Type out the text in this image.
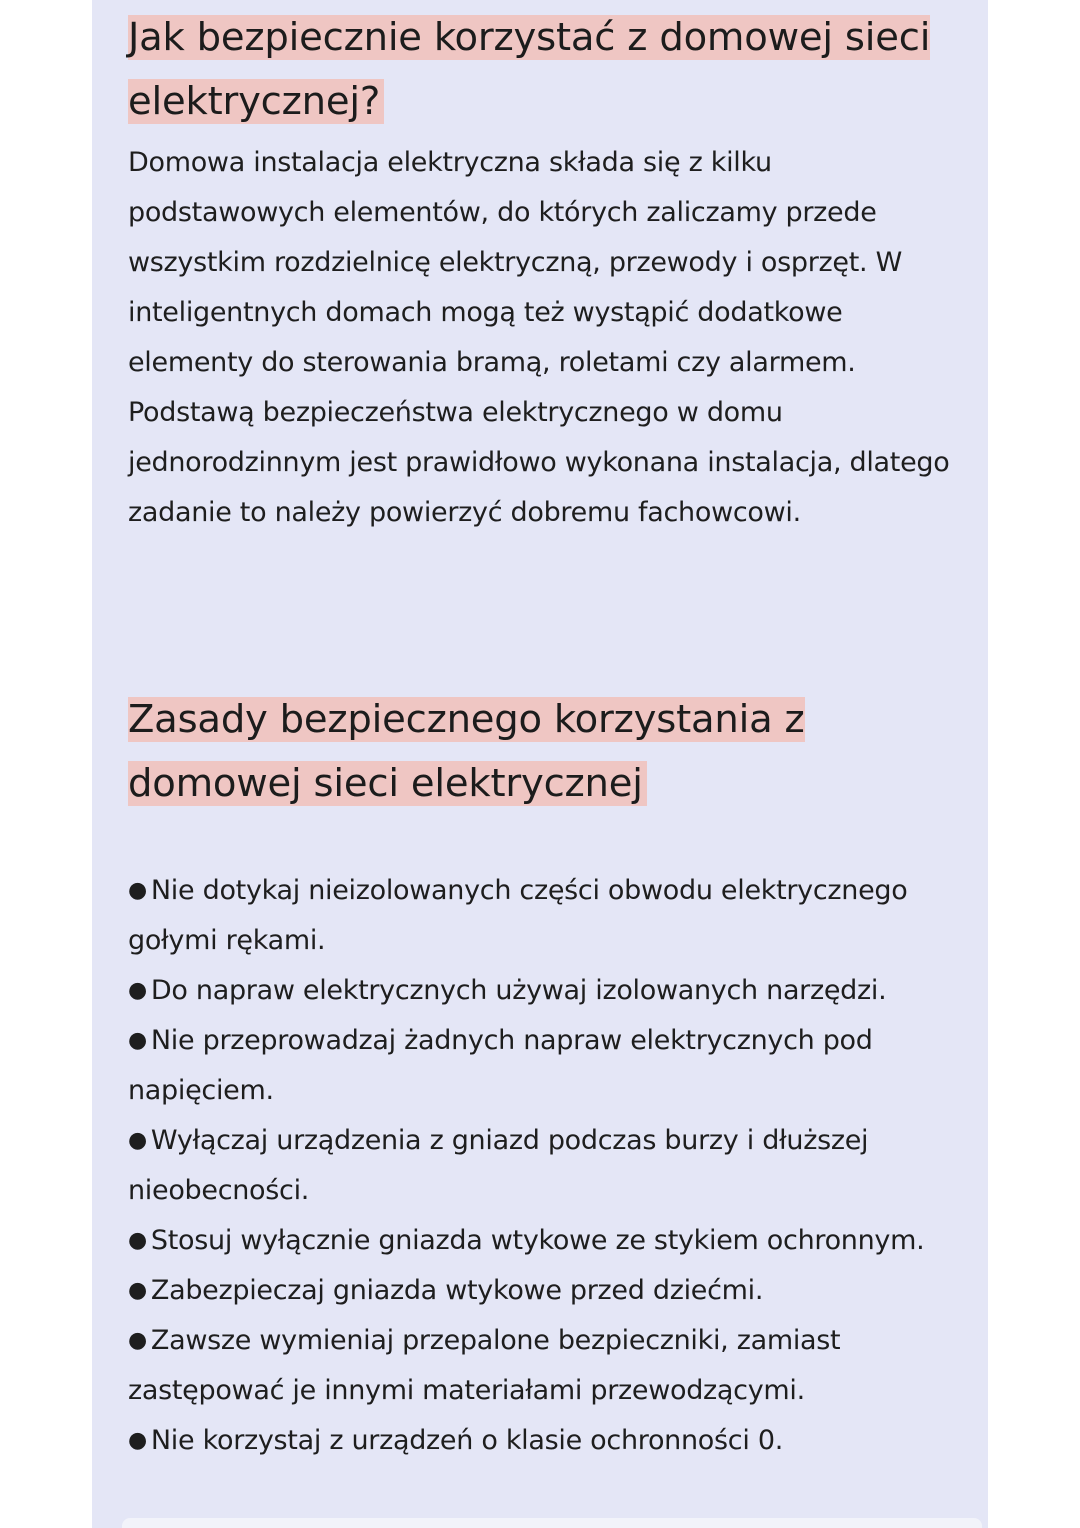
Jak bezpiecznie korzystać z domowej sieci elektrycznej?

Domowa instalacja elektryczna składa się z kilku podstawowych elementów, do których zaliczamy przede wszystkim rozdzielnicę elektryczną, przewody i osprzęt. W inteligentnych domach mogą też wystąpić dodatkowe elementy do sterowania bramą, roletami czy alarmem. Podstawą bezpieczeństwa elektrycznego w domu jednorodzinnym jest prawidłowo wykonana instalacja, dlatego zadanie to należy powierzyć dobremu fachowcowi.

Zasady bezpiecznego korzystania z domowej sieci elektrycznej
● Nie dotykaj nieizolowanych części obwodu elektrycznego gołymi rękami.
● Do napraw elektrycznych używaj izolowanych narzędzi.
● Nie przeprowadzaj żadnych napraw elektrycznych pod napięciem.
● Wyłączaj urządzenia z gniazd podczas burzy i dłuższej nieobecności.
● Stosuj wyłącznie gniazda wtykowe ze stykiem ochronnym.
● Zabezpieczaj gniazda wtykowe przed dziećmi.
● Zawsze wymieniaj przepalone bezpieczniki, zamiast zastępować je innymi materiałami przewodzącymi.
● Nie korzystaj z urządzeń o klasie ochronności 0.
